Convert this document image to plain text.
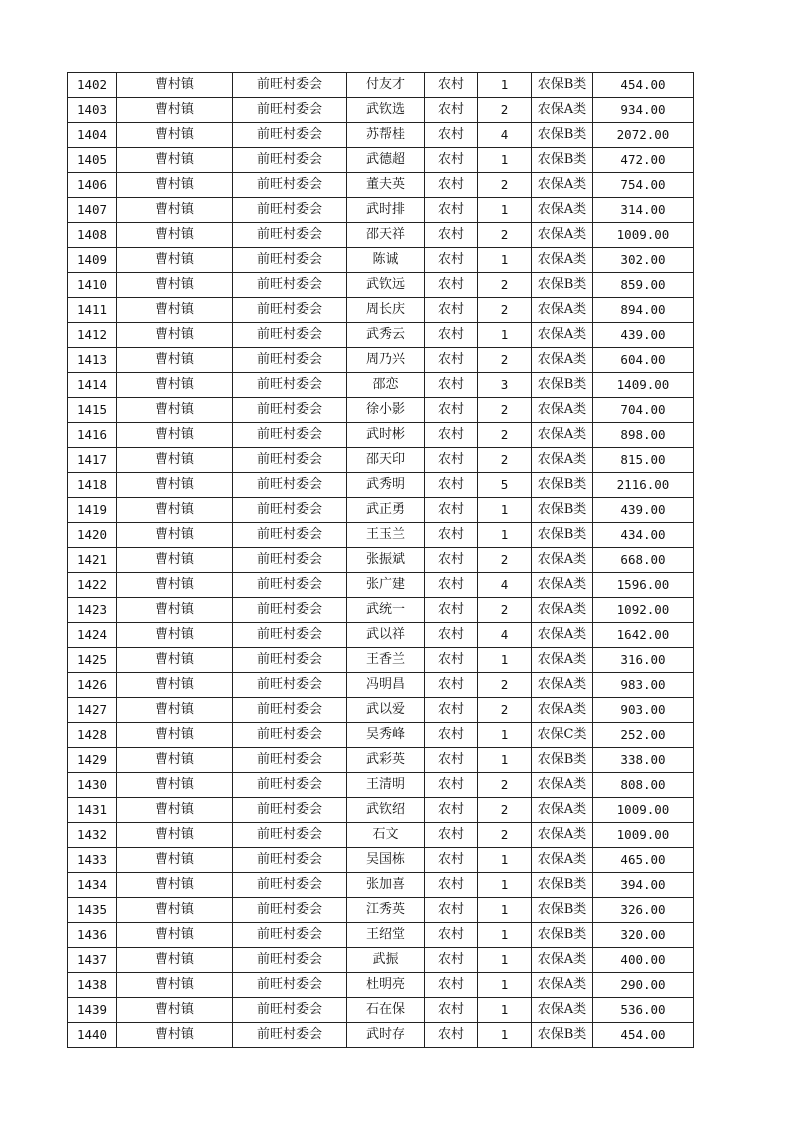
1402	曹村镇	前旺村委会	付友才	农村	1	农保B类	454.00
1403	曹村镇	前旺村委会	武钦选	农村	2	农保A类	934.00
1404	曹村镇	前旺村委会	苏帮桂	农村	4	农保B类	2072.00
1405	曹村镇	前旺村委会	武德超	农村	1	农保B类	472.00
1406	曹村镇	前旺村委会	董夫英	农村	2	农保A类	754.00
1407	曹村镇	前旺村委会	武时排	农村	1	农保A类	314.00
1408	曹村镇	前旺村委会	邵天祥	农村	2	农保A类	1009.00
1409	曹村镇	前旺村委会	陈诚	农村	1	农保A类	302.00
1410	曹村镇	前旺村委会	武钦远	农村	2	农保B类	859.00
1411	曹村镇	前旺村委会	周长庆	农村	2	农保A类	894.00
1412	曹村镇	前旺村委会	武秀云	农村	1	农保A类	439.00
1413	曹村镇	前旺村委会	周乃兴	农村	2	农保A类	604.00
1414	曹村镇	前旺村委会	邵恋	农村	3	农保B类	1409.00
1415	曹村镇	前旺村委会	徐小影	农村	2	农保A类	704.00
1416	曹村镇	前旺村委会	武时彬	农村	2	农保A类	898.00
1417	曹村镇	前旺村委会	邵天印	农村	2	农保A类	815.00
1418	曹村镇	前旺村委会	武秀明	农村	5	农保B类	2116.00
1419	曹村镇	前旺村委会	武正勇	农村	1	农保B类	439.00
1420	曹村镇	前旺村委会	王玉兰	农村	1	农保B类	434.00
1421	曹村镇	前旺村委会	张振斌	农村	2	农保A类	668.00
1422	曹村镇	前旺村委会	张广建	农村	4	农保A类	1596.00
1423	曹村镇	前旺村委会	武统一	农村	2	农保A类	1092.00
1424	曹村镇	前旺村委会	武以祥	农村	4	农保A类	1642.00
1425	曹村镇	前旺村委会	王香兰	农村	1	农保A类	316.00
1426	曹村镇	前旺村委会	冯明昌	农村	2	农保A类	983.00
1427	曹村镇	前旺村委会	武以爱	农村	2	农保A类	903.00
1428	曹村镇	前旺村委会	吴秀峰	农村	1	农保C类	252.00
1429	曹村镇	前旺村委会	武彩英	农村	1	农保B类	338.00
1430	曹村镇	前旺村委会	王清明	农村	2	农保A类	808.00
1431	曹村镇	前旺村委会	武钦绍	农村	2	农保A类	1009.00
1432	曹村镇	前旺村委会	石文	农村	2	农保A类	1009.00
1433	曹村镇	前旺村委会	吴国栋	农村	1	农保A类	465.00
1434	曹村镇	前旺村委会	张加喜	农村	1	农保B类	394.00
1435	曹村镇	前旺村委会	江秀英	农村	1	农保B类	326.00
1436	曹村镇	前旺村委会	王绍堂	农村	1	农保B类	320.00
1437	曹村镇	前旺村委会	武振	农村	1	农保A类	400.00
1438	曹村镇	前旺村委会	杜明亮	农村	1	农保A类	290.00
1439	曹村镇	前旺村委会	石在保	农村	1	农保A类	536.00
1440	曹村镇	前旺村委会	武时存	农村	1	农保B类	454.00
